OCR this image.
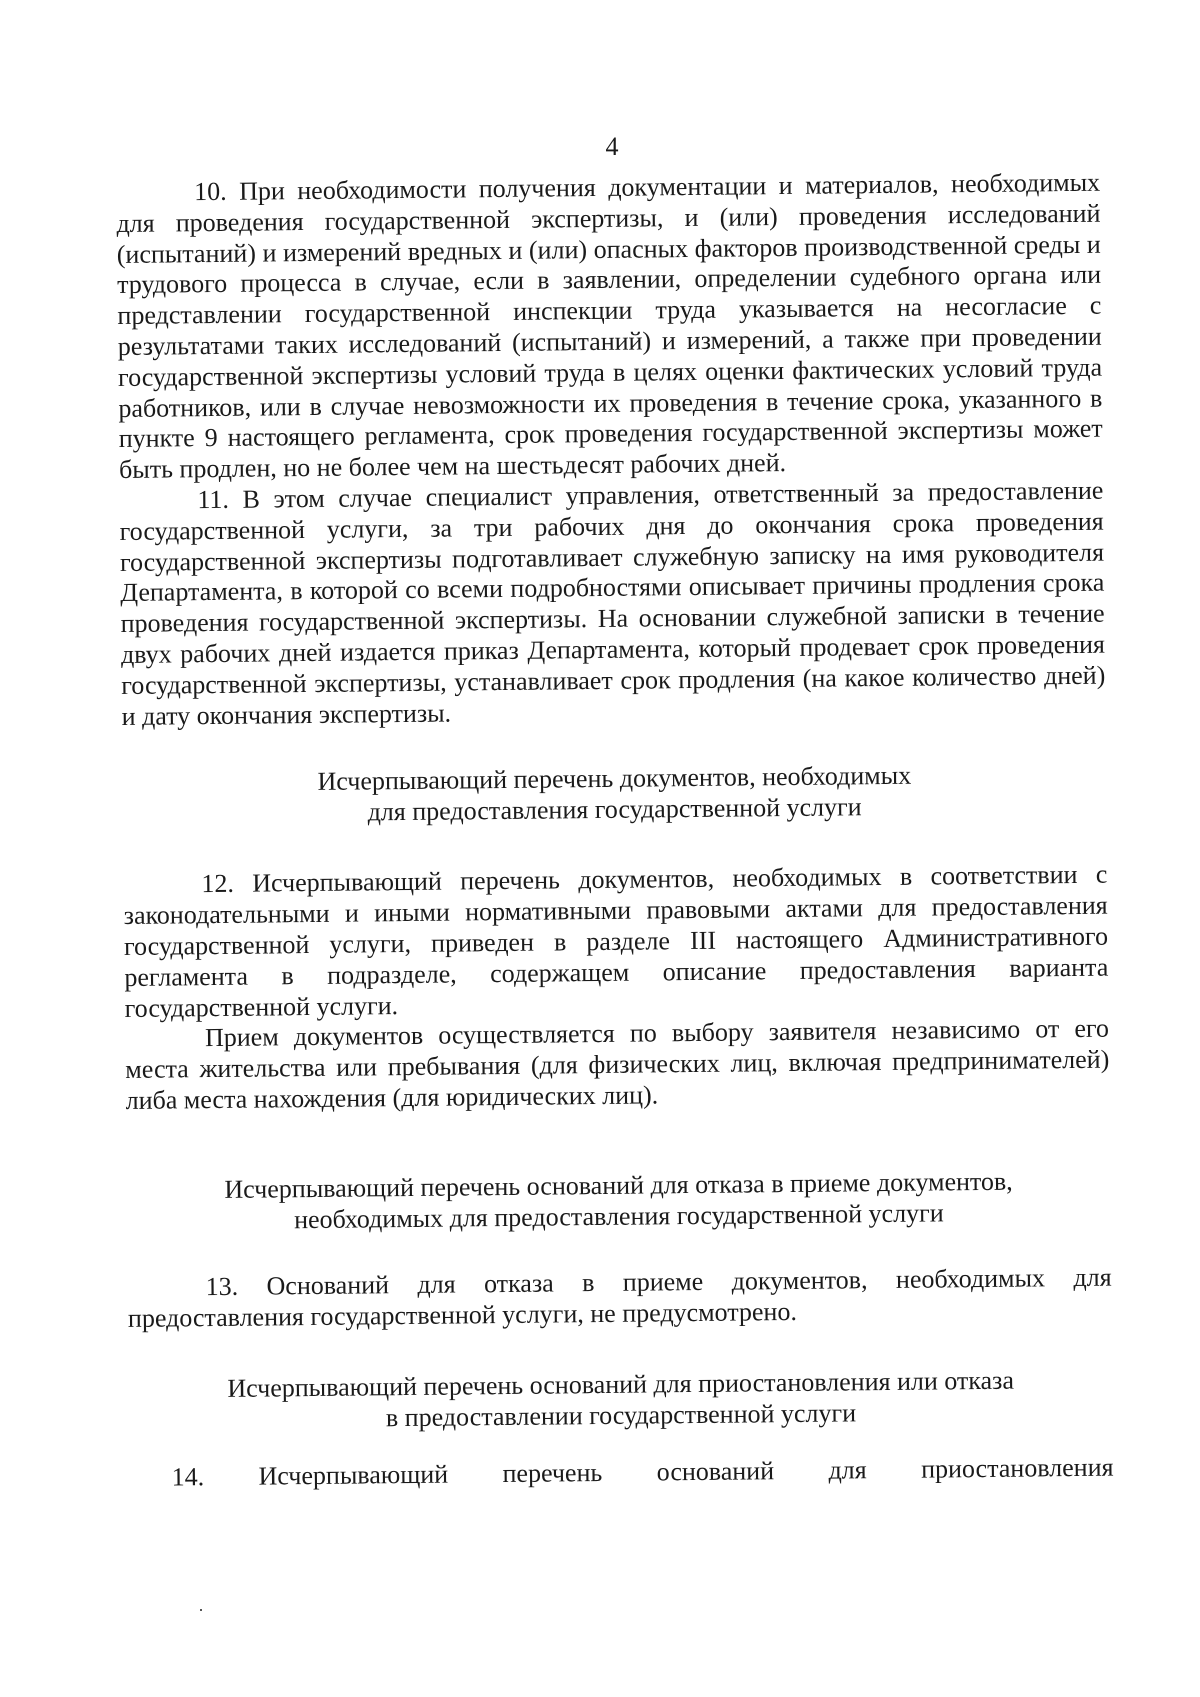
4

10. При необходимости получения документации и материалов, необходимых для проведения государственной экспертизы, и (или) проведения исследований (испытаний) и измерений вредных и (или) опасных факторов производственной среды и трудового процесса в случае, если в заявлении, определении судебного органа или представлении государственной инспекции труда указывается на несогласие с результатами таких исследований (испытаний) и измерений, а также при проведении государственной экспертизы условий труда в целях оценки фактических условий труда работников, или в случае невозможности их проведения в течение срока, указанного в пункте 9 настоящего регламента, срок проведения государственной экспертизы может быть продлен, но не более чем на шестьдесят рабочих дней.

11. В этом случае специалист управления, ответственный за предоставление государственной услуги, за три рабочих дня до окончания срока проведения государственной экспертизы подготавливает служебную записку на имя руководителя Департамента, в которой со всеми подробностями описывает причины продления срока проведения государственной экспертизы. На основании служебной записки в течение двух рабочих дней издается приказ Департамента, который продевает срок проведения государственной экспертизы, устанавливает срок продления (на какое количество дней) и дату окончания экспертизы.

Исчерпывающий перечень документов, необходимых
для предоставления государственной услуги

12. Исчерпывающий перечень документов, необходимых в соответствии с законодательными и иными нормативными правовыми актами для предоставления государственной услуги, приведен в разделе III настоящего Административного регламента в подразделе, содержащем описание предоставления варианта государственной услуги.

Прием документов осуществляется по выбору заявителя независимо от его места жительства или пребывания (для физических лиц, включая предпринимателей) либа места нахождения (для юридических лиц).

Исчерпывающий перечень оснований для отказа в приеме документов,
необходимых для предоставления государственной услуги

13. Оснований для отказа в приеме документов, необходимых для предоставления государственной услуги, не предусмотрено.

Исчерпывающий перечень оснований для приостановления или отказа
в предоставлении государственной услуги

14. Исчерпывающий перечень оснований для приостановления
